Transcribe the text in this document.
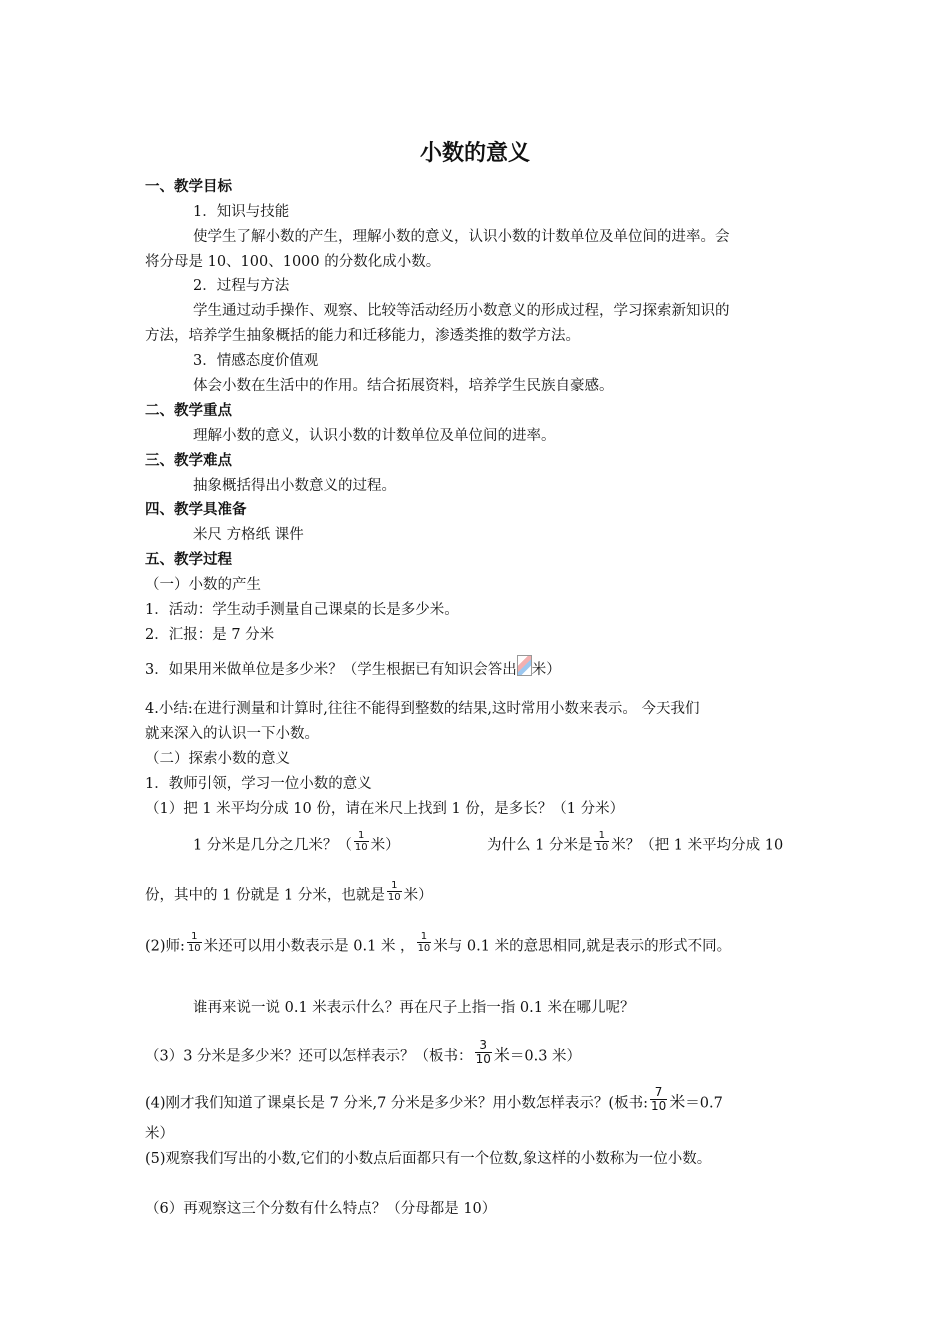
小数的意义
一、教学目标
1．知识与技能
使学生了解小数的产生，理解小数的意义，认识小数的计数单位及单位间的进率。会
将分母是 10、100、1000 的分数化成小数。
2．过程与方法
学生通过动手操作、观察、比较等活动经历小数意义的形成过程，学习探索新知识的
方法，培养学生抽象概括的能力和迁移能力，渗透类推的数学方法。
3．情感态度价值观
体会小数在生活中的作用。结合拓展资料，培养学生民族自豪感。
二、教学重点
理解小数的意义，认识小数的计数单位及单位间的进率。
三、教学难点
抽象概括得出小数意义的过程。
四、教学具准备
米尺 方格纸 课件
五、教学过程
（一）小数的产生
1．活动：学生动手测量自己课桌的长是多少米。
2．汇报：是 7 分米
3．如果用米做单位是多少米？（学生根据已有知识会答出 米）
4.小结:在进行测量和计算时,往往不能得到整数的结果,这时常用小数来表示。 今天我们
就来深入的认识一下小数。
（二）探索小数的意义
1．教师引领，学习一位小数的意义
（1）把 1 米平均分成 10 份，请在米尺上找到 1 份，是多长？（1 分米）
1 分米是几分之几米？（ $\frac{1}{10}$ 米）	为什么 1 分米是 $\frac{1}{10}$ 米？（把 1 米平均分成 10
份，其中的 1 份就是 1 分米，也就是 $\frac{1}{10}$ 米）
(2)师: $\frac{1}{10}$ 米还可以用小数表示是 0.1 米 ， $\frac{1}{10}$ 米与 0.1 米的意思相同,就是表示的形式不同。
谁再来说一说 0.1 米表示什么？再在尺子上指一指 0.1 米在哪儿呢？
（3）3 分米是多少米？还可以怎样表示？（板书： $\frac{3}{10}$ 米＝0.3 米）
(4)刚才我们知道了课桌长是 7 分米,7 分米是多少米？用小数怎样表示？(板书: $\frac{7}{10}$ 米＝0.7
米）
(5)观察我们写出的小数,它们的小数点后面都只有一个位数,象这样的小数称为一位小数。
（6）再观察这三个分数有什么特点？（分母都是 10）
